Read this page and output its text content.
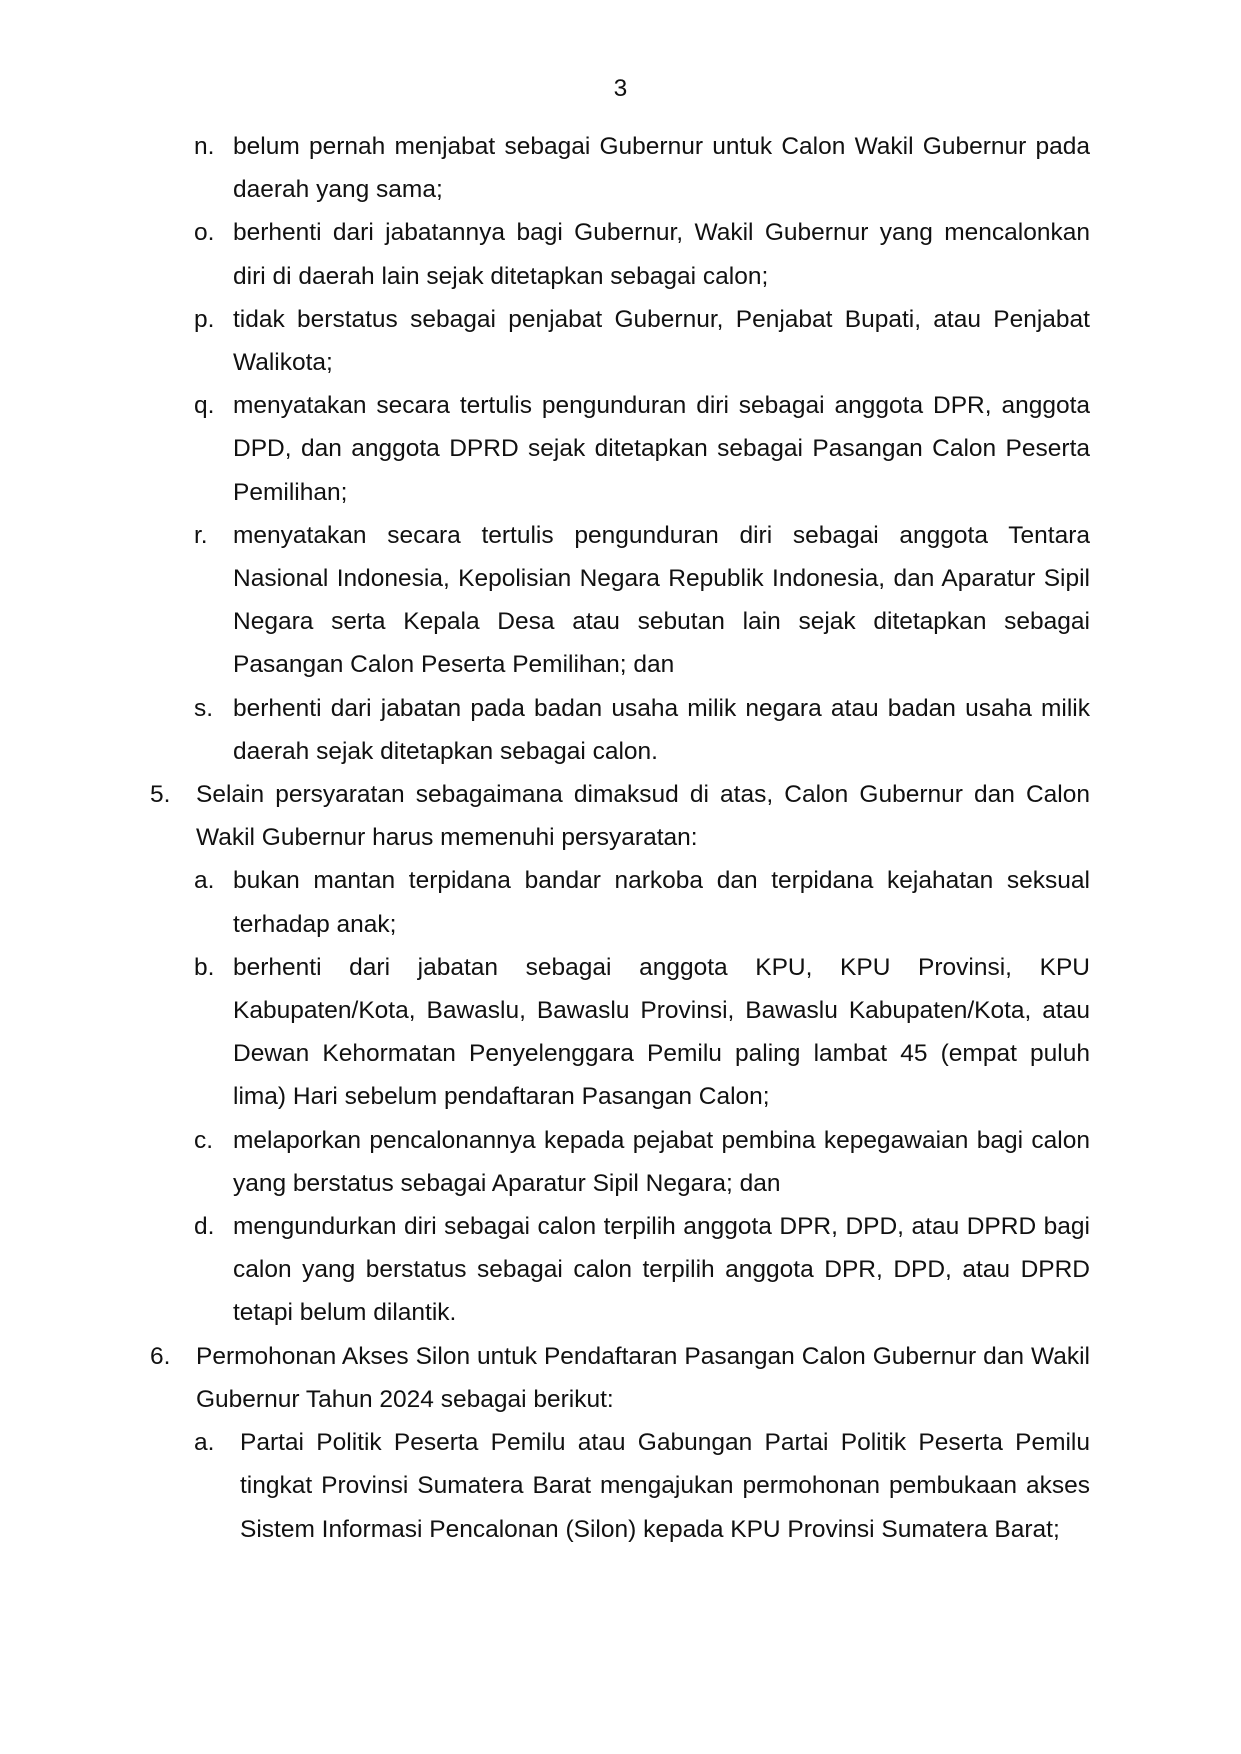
3
n. belum pernah menjabat sebagai Gubernur untuk Calon Wakil Gubernur pada daerah yang sama;
o. berhenti dari jabatannya bagi Gubernur, Wakil Gubernur yang mencalonkan diri di daerah lain sejak ditetapkan sebagai calon;
p. tidak berstatus sebagai penjabat Gubernur, Penjabat Bupati, atau Penjabat Walikota;
q. menyatakan secara tertulis pengunduran diri sebagai anggota DPR, anggota DPD, dan anggota DPRD sejak ditetapkan sebagai Pasangan Calon Peserta Pemilihan;
r. menyatakan secara tertulis pengunduran diri sebagai anggota Tentara Nasional Indonesia, Kepolisian Negara Republik Indonesia, dan Aparatur Sipil Negara serta Kepala Desa atau sebutan lain sejak ditetapkan sebagai Pasangan Calon Peserta Pemilihan; dan
s. berhenti dari jabatan pada badan usaha milik negara atau badan usaha milik daerah sejak ditetapkan sebagai calon.
5. Selain persyaratan sebagaimana dimaksud di atas, Calon Gubernur dan Calon Wakil Gubernur harus memenuhi persyaratan:
a. bukan mantan terpidana bandar narkoba dan terpidana kejahatan seksual terhadap anak;
b. berhenti dari jabatan sebagai anggota KPU, KPU Provinsi, KPU Kabupaten/Kota, Bawaslu, Bawaslu Provinsi, Bawaslu Kabupaten/Kota, atau Dewan Kehormatan Penyelenggara Pemilu paling lambat 45 (empat puluh lima) Hari sebelum pendaftaran Pasangan Calon;
c. melaporkan pencalonannya kepada pejabat pembina kepegawaian bagi calon yang berstatus sebagai Aparatur Sipil Negara; dan
d. mengundurkan diri sebagai calon terpilih anggota DPR, DPD, atau DPRD bagi calon yang berstatus sebagai calon terpilih anggota DPR, DPD, atau DPRD tetapi belum dilantik.
6. Permohonan Akses Silon untuk Pendaftaran Pasangan Calon Gubernur dan Wakil Gubernur Tahun 2024 sebagai berikut:
a. Partai Politik Peserta Pemilu atau Gabungan Partai Politik Peserta Pemilu tingkat Provinsi Sumatera Barat mengajukan permohonan pembukaan akses Sistem Informasi Pencalonan (Silon) kepada KPU Provinsi Sumatera Barat;
